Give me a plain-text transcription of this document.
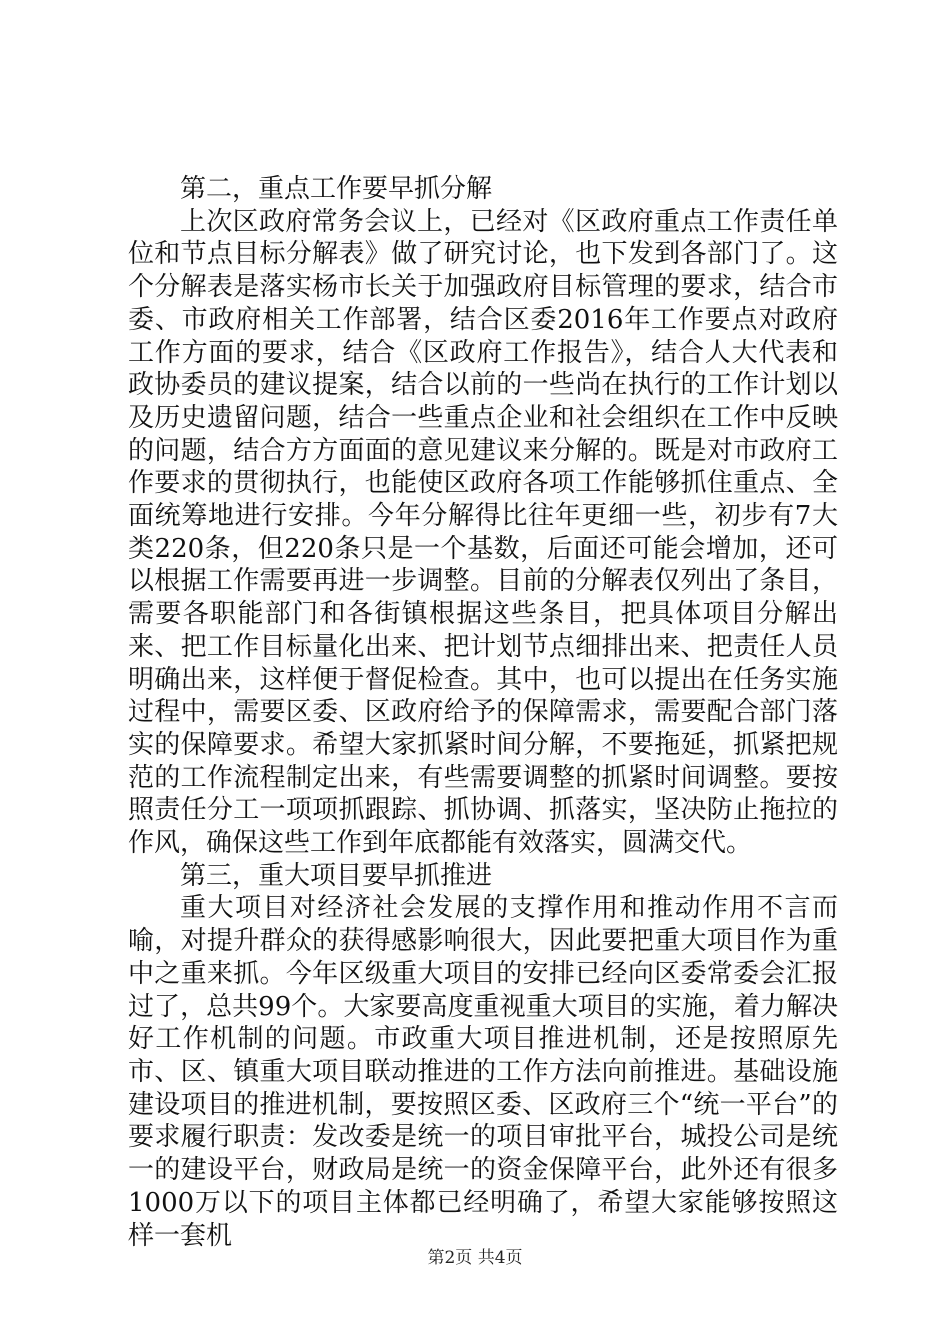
第二，重点工作要早抓分解

上次区政府常务会议上，已经对《区政府重点工作责任单位和节点目标分解表》做了研究讨论，也下发到各部门了。这个分解表是落实杨市长关于加强政府目标管理的要求，结合市委、市政府相关工作部署，结合区委2016年工作要点对政府工作方面的要求，结合《区政府工作报告》，结合人大代表和政协委员的建议提案，结合以前的一些尚在执行的工作计划以及历史遗留问题，结合一些重点企业和社会组织在工作中反映的问题，结合方方面面的意见建议来分解的。既是对市政府工作要求的贯彻执行，也能使区政府各项工作能够抓住重点、全面统筹地进行安排。今年分解得比往年更细一些，初步有7大类220条，但220条只是一个基数，后面还可能会增加，还可以根据工作需要再进一步调整。目前的分解表仅列出了条目，需要各职能部门和各街镇根据这些条目，把具体项目分解出来、把工作目标量化出来、把计划节点细排出来、把责任人员明确出来，这样便于督促检查。其中，也可以提出在任务实施过程中，需要区委、区政府给予的保障需求，需要配合部门落实的保障要求。希望大家抓紧时间分解，不要拖延，抓紧把规范的工作流程制定出来，有些需要调整的抓紧时间调整。要按照责任分工一项项抓跟踪、抓协调、抓落实，坚决防止拖拉的作风，确保这些工作到年底都能有效落实，圆满交代。

第三，重大项目要早抓推进

重大项目对经济社会发展的支撑作用和推动作用不言而喻，对提升群众的获得感影响很大，因此要把重大项目作为重中之重来抓。今年区级重大项目的安排已经向区委常委会汇报过了，总共99个。大家要高度重视重大项目的实施，着力解决好工作机制的问题。市政重大项目推进机制，还是按照原先市、区、镇重大项目联动推进的工作方法向前推进。基础设施建设项目的推进机制，要按照区委、区政府三个“统一平台”的要求履行职责：发改委是统一的项目审批平台，城投公司是统一的建设平台，财政局是统一的资金保障平台，此外还有很多1000万以下的项目主体都已经明确了，希望大家能够按照这样一套机

第2页 共4页
